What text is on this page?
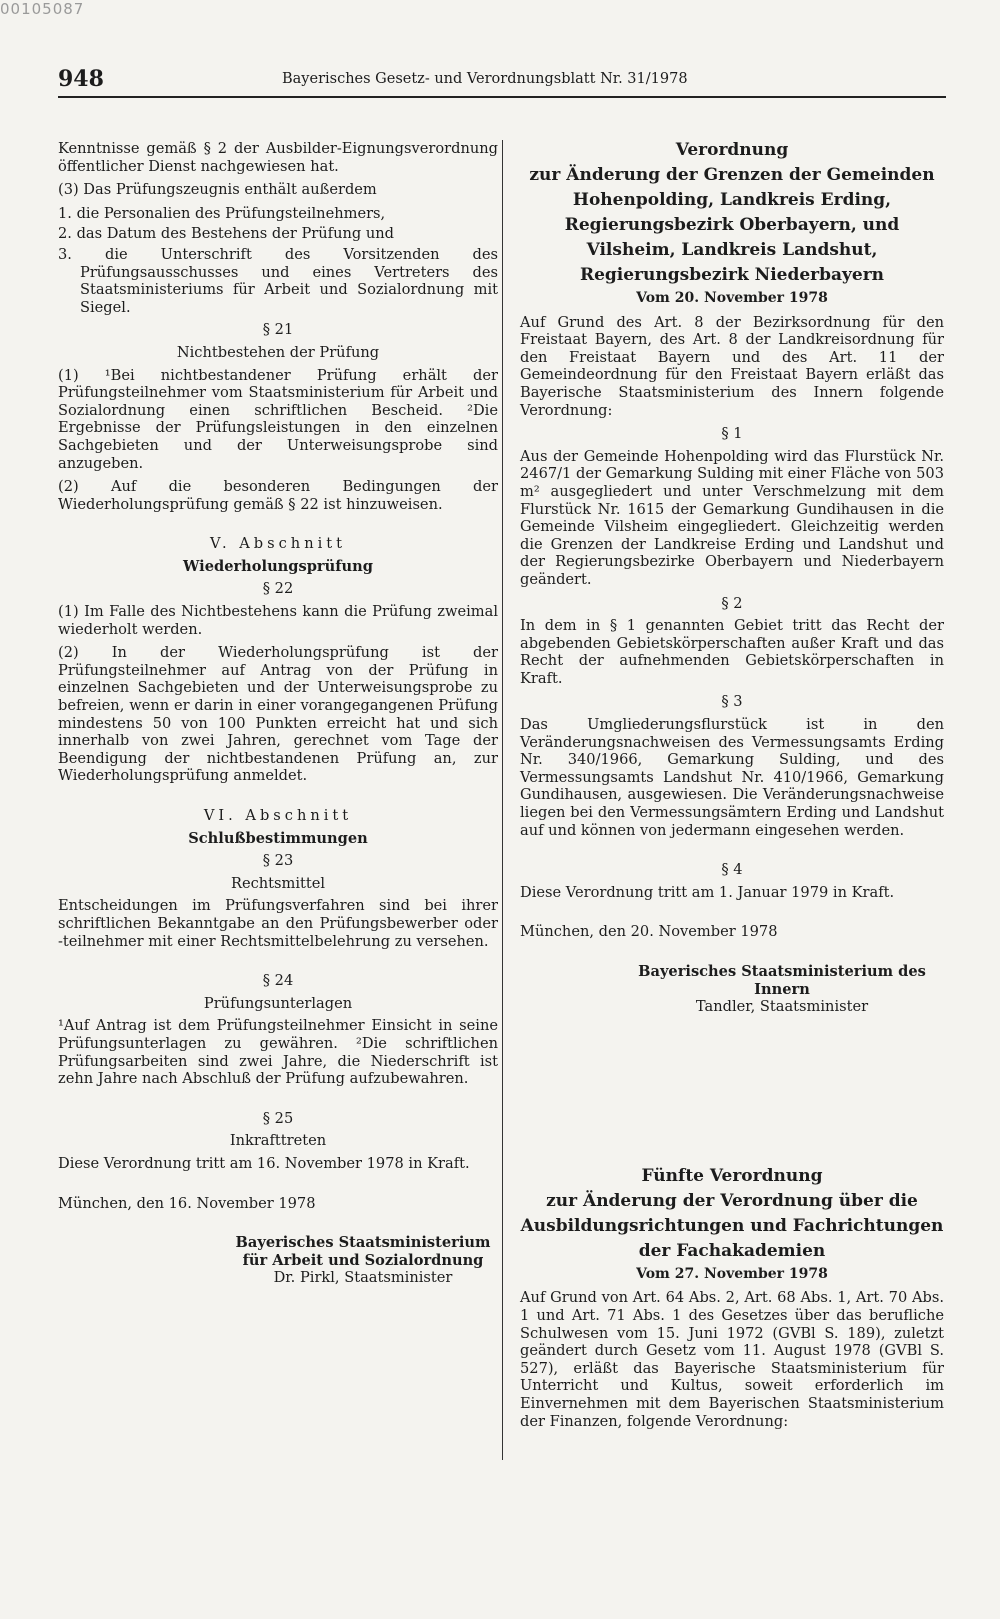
00105087
948	Bayerisches Gesetz- und Verordnungsblatt Nr. 31/1978

Kenntnisse gemäß § 2 der Ausbilder-Eignungsverordnung öffentlicher Dienst nachgewiesen hat.

(3) Das Prüfungszeugnis enthält außerdem

1. die Personalien des Prüfungsteilnehmers,
2. das Datum des Bestehens der Prüfung und
3. die Unterschrift des Vorsitzenden des Prüfungsausschusses und eines Vertreters des Staatsministeriums für Arbeit und Sozialordnung mit Siegel.
§ 21
Nichtbestehen der Prüfung

(1) ¹Bei nichtbestandener Prüfung erhält der Prüfungsteilnehmer vom Staatsministerium für Arbeit und Sozialordnung einen schriftlichen Bescheid. ²Die Ergebnisse der Prüfungsleistungen in den einzelnen Sachgebieten und der Unterweisungsprobe sind anzugeben.

(2) Auf die besonderen Bedingungen der Wiederholungsprüfung gemäß § 22 ist hinzuweisen.

V. Abschnitt
Wiederholungsprüfung
§ 22

(1) Im Falle des Nichtbestehens kann die Prüfung zweimal wiederholt werden.

(2) In der Wiederholungsprüfung ist der Prüfungsteilnehmer auf Antrag von der Prüfung in einzelnen Sachgebieten und der Unterweisungsprobe zu befreien, wenn er darin in einer vorangegangenen Prüfung mindestens 50 von 100 Punkten erreicht hat und sich innerhalb von zwei Jahren, gerechnet vom Tage der Beendigung der nichtbestandenen Prüfung an, zur Wiederholungsprüfung anmeldet.

VI. Abschnitt
Schlußbestimmungen
§ 23
Rechtsmittel

Entscheidungen im Prüfungsverfahren sind bei ihrer schriftlichen Bekanntgabe an den Prüfungsbewerber oder -teilnehmer mit einer Rechtsmittelbelehrung zu versehen.

§ 24
Prüfungsunterlagen

¹Auf Antrag ist dem Prüfungsteilnehmer Einsicht in seine Prüfungsunterlagen zu gewähren. ²Die schriftlichen Prüfungsarbeiten sind zwei Jahre, die Niederschrift ist zehn Jahre nach Abschluß der Prüfung aufzubewahren.

§ 25
Inkrafttreten

Diese Verordnung tritt am 16. November 1978 in Kraft.

München, den 16. November 1978

Bayerisches Staatsministerium
für Arbeit und Sozialordnung
Dr. Pirkl, Staatsminister
Verordnung
zur Änderung der Grenzen der Gemeinden
Hohenpolding, Landkreis Erding,
Regierungsbezirk Oberbayern, und
Vilsheim, Landkreis Landshut,
Regierungsbezirk Niederbayern
Vom 20. November 1978

Auf Grund des Art. 8 der Bezirksordnung für den Freistaat Bayern, des Art. 8 der Landkreisordnung für den Freistaat Bayern und des Art. 11 der Gemeindeordnung für den Freistaat Bayern erläßt das Bayerische Staatsministerium des Innern folgende Verordnung:

§ 1

Aus der Gemeinde Hohenpolding wird das Flurstück Nr. 2467/1 der Gemarkung Sulding mit einer Fläche von 503 m² ausgegliedert und unter Verschmelzung mit dem Flurstück Nr. 1615 der Gemarkung Gundihausen in die Gemeinde Vilsheim eingegliedert. Gleichzeitig werden die Grenzen der Landkreise Erding und Landshut und der Regierungsbezirke Oberbayern und Niederbayern geändert.

§ 2

In dem in § 1 genannten Gebiet tritt das Recht der abgebenden Gebietskörperschaften außer Kraft und das Recht der aufnehmenden Gebietskörperschaften in Kraft.

§ 3

Das Umgliederungsflurstück ist in den Veränderungsnachweisen des Vermessungsamts Erding Nr. 340/1966, Gemarkung Sulding, und des Vermessungsamts Landshut Nr. 410/1966, Gemarkung Gundihausen, ausgewiesen. Die Veränderungsnachweise liegen bei den Vermessungsämtern Erding und Landshut auf und können von jedermann eingesehen werden.

§ 4

Diese Verordnung tritt am 1. Januar 1979 in Kraft.

München, den 20. November 1978

Bayerisches Staatsministerium des Innern
Tandler, Staatsminister
Fünfte Verordnung
zur Änderung der Verordnung über die
Ausbildungsrichtungen und Fachrichtungen
der Fachakademien
Vom 27. November 1978

Auf Grund von Art. 64 Abs. 2, Art. 68 Abs. 1, Art. 70 Abs. 1 und Art. 71 Abs. 1 des Gesetzes über das berufliche Schulwesen vom 15. Juni 1972 (GVBl S. 189), zuletzt geändert durch Gesetz vom 11. August 1978 (GVBl S. 527), erläßt das Bayerische Staatsministerium für Unterricht und Kultus, soweit erforderlich im Einvernehmen mit dem Bayerischen Staatsministerium der Finanzen, folgende Verordnung:
